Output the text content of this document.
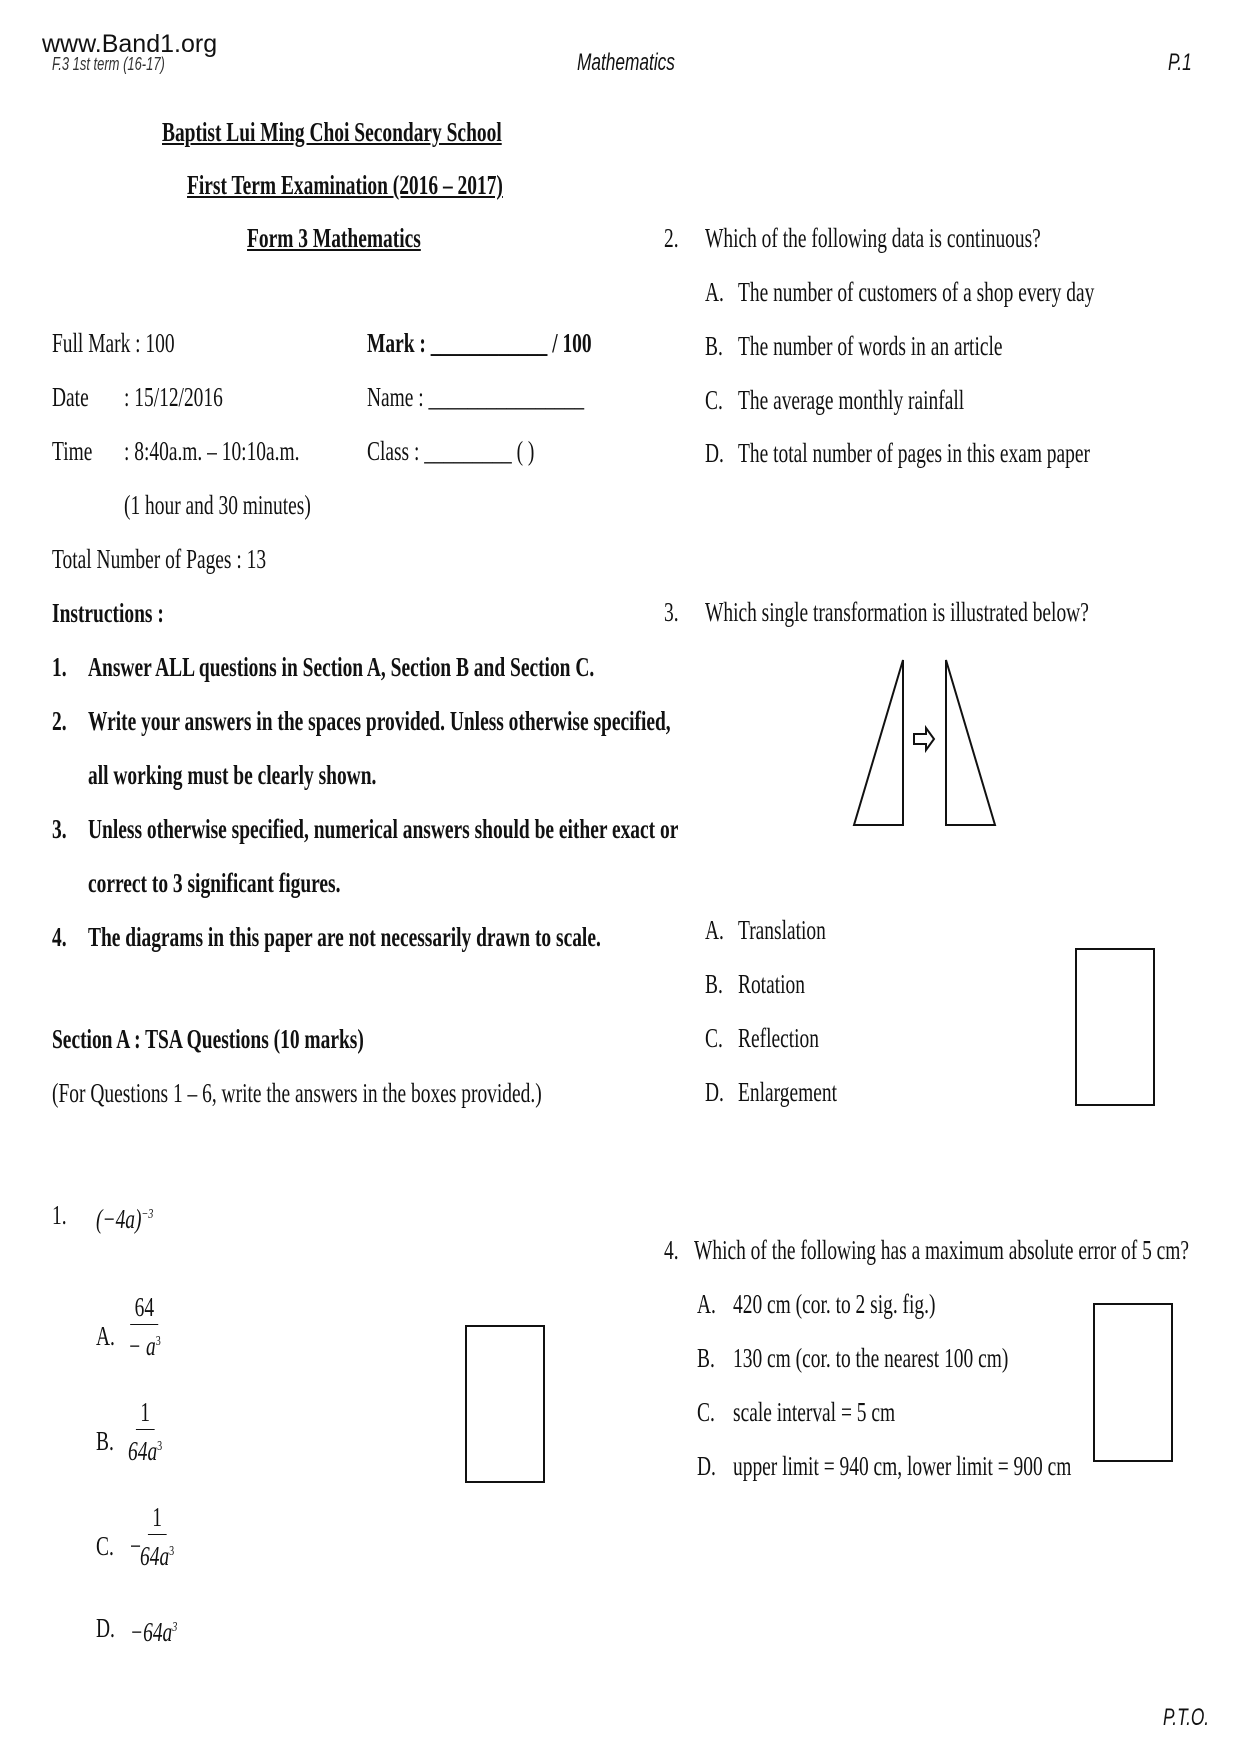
www.Band1.org
F.3 1st term (16-17)	Mathematics	P.1
Baptist Lui Ming Choi Secondary School
First Term Examination (2016 – 2017)
Form 3 Mathematics
Full Mark : 100	Mark : ____________ / 100
Date : 15/12/2016	Name : ________________
Time : 8:40a.m. – 10:10a.m.	Class : _________ ( )
(1 hour and 30 minutes)
Total Number of Pages : 13
Instructions :
1. Answer ALL questions in Section A, Section B and Section C.
2. Write your answers in the spaces provided. Unless otherwise specified,
all working must be clearly shown.
3. Unless otherwise specified, numerical answers should be either exact or
correct to 3 significant figures.
4. The diagrams in this paper are not necessarily drawn to scale.
Section A : TSA Questions (10 marks)
(For Questions 1 – 6, write the answers in the boxes provided.)
1. $(-4a)^{-3}$
A. $\frac{64}{- a^3}$
B. $\frac{1}{64a^3}$
C. − $\frac{1}{64a^3}$
D. $-64a^3$
2. Which of the following data is continuous?
A. The number of customers of a shop every day
B. The number of words in an article
C. The average monthly rainfall
D. The total number of pages in this exam paper
3. Which single transformation is illustrated below?
A. Translation
B. Rotation
C. Reflection
D. Enlargement
4. Which of the following has a maximum absolute error of 5 cm?
A. 420 cm (cor. to 2 sig. fig.)
B. 130 cm (cor. to the nearest 100 cm)
C. scale interval = 5 cm
D. upper limit = 940 cm, lower limit = 900 cm
P.T.O.
